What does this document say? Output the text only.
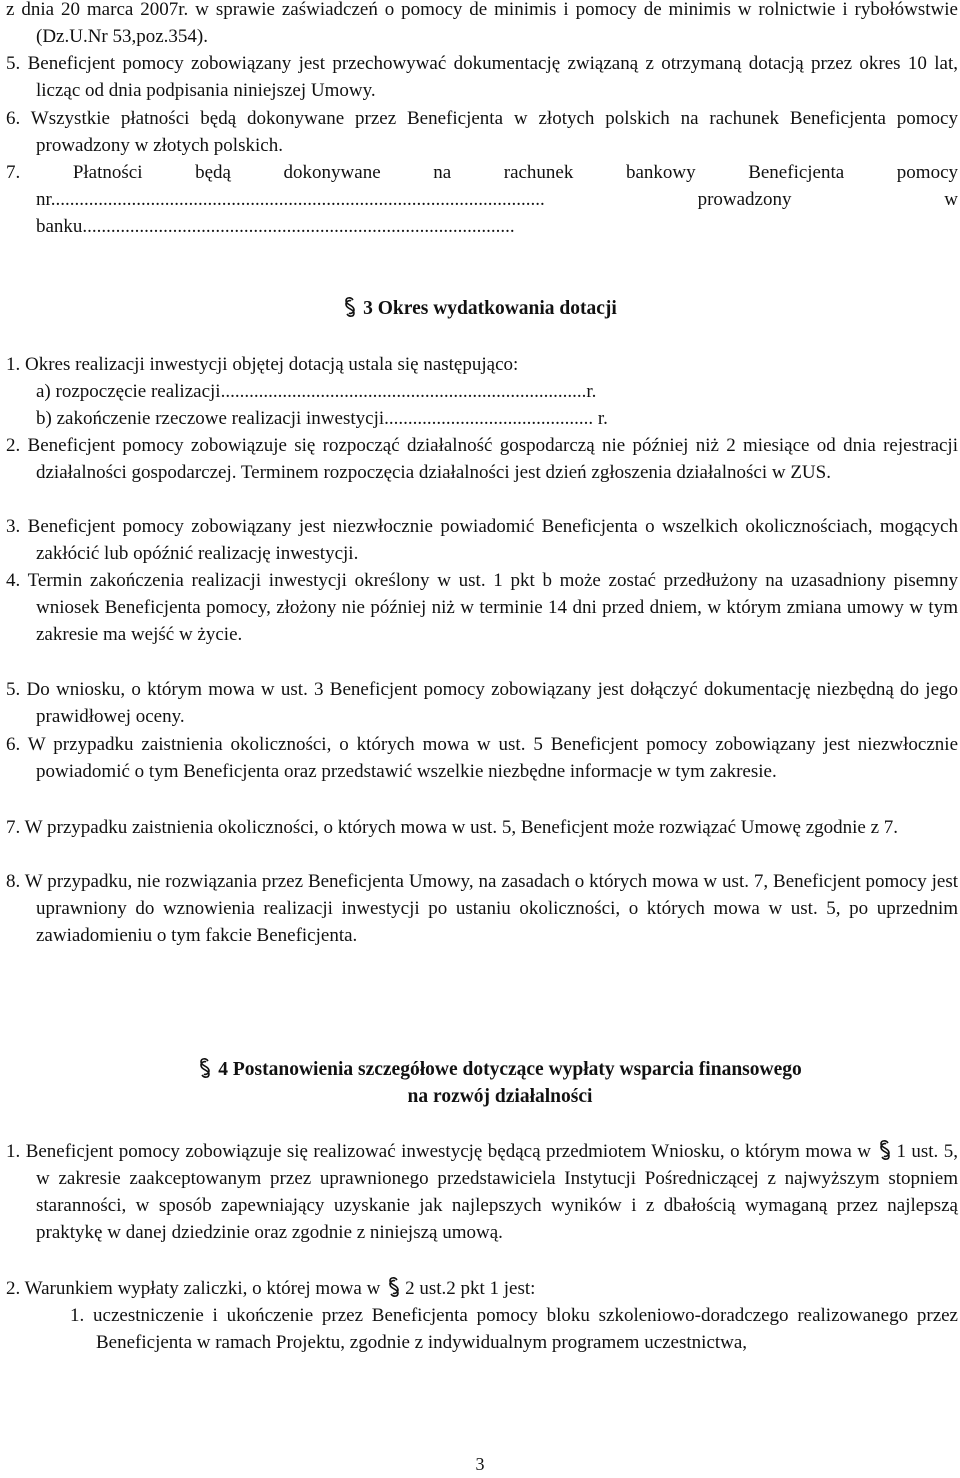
z dnia 20 marca 2007r. w sprawie zaświadczeń o pomocy de minimis i pomocy de minimis w rolnictwie i rybołówstwie (Dz.U.Nr 53,poz.354).

5. Beneficjent pomocy zobowiązany jest przechowywać dokumentację związaną z otrzymaną dotacją przez okres 10 lat, licząc od dnia podpisania niniejszej Umowy.

6. Wszystkie płatności będą dokonywane przez Beneficjenta w złotych polskich na rachunek Beneficjenta pomocy prowadzony w złotych polskich.

7. Płatności będą dokonywane na rachunek bankowy Beneficjenta pomocy nr........................................................................................................ prowadzony w banku...........................................................................................

3 Okres wydatkowania dotacji

1. Okres realizacji inwestycji objętej dotacją ustala się następująco:

a) rozpoczęcie realizacji.............................................................................r.

b) zakończenie rzeczowe realizacji inwestycji............................................ r.

2. Beneficjent pomocy zobowiązuje się rozpocząć działalność gospodarczą nie później niż 2 miesiące od dnia rejestracji działalności gospodarczej. Terminem rozpoczęcia działalności jest dzień zgłoszenia działalności w ZUS.

3. Beneficjent pomocy zobowiązany jest niezwłocznie powiadomić Beneficjenta o wszelkich okolicznościach, mogących zakłócić lub opóźnić realizację inwestycji.

4. Termin zakończenia realizacji inwestycji określony w ust. 1 pkt b może zostać przedłużony na uzasadniony pisemny wniosek Beneficjenta pomocy, złożony nie później niż w terminie 14 dni przed dniem, w którym zmiana umowy w tym zakresie ma wejść w życie.

5. Do wniosku, o którym mowa w ust. 3 Beneficjent pomocy zobowiązany jest dołączyć dokumentację niezbędną do jego prawidłowej oceny.

6. W przypadku zaistnienia okoliczności, o których mowa w ust. 5 Beneficjent pomocy zobowiązany jest niezwłocznie powiadomić o tym Beneficjenta oraz przedstawić wszelkie niezbędne informacje w tym zakresie.

7. W przypadku zaistnienia okoliczności, o których mowa w ust. 5, Beneficjent może rozwiązać Umowę zgodnie z 7.

8. W przypadku, nie rozwiązania przez Beneficjenta Umowy, na zasadach o których mowa w ust. 7, Beneficjent pomocy jest uprawniony do wznowienia realizacji inwestycji po ustaniu okoliczności, o których mowa w ust. 5, po uprzednim zawiadomieniu o tym fakcie Beneficjenta.

4 Postanowienia szczegółowe dotyczące wypłaty wsparcia finansowego
na rozwój działalności

1. Beneficjent pomocy zobowiązuje się realizować inwestycję będącą przedmiotem Wniosku, o którym mowa w 1 ust. 5, w zakresie zaakceptowanym przez uprawnionego przedstawiciela Instytucji Pośredniczącej z najwyższym stopniem staranności, w sposób zapewniający uzyskanie jak najlepszych wyników i z dbałością wymaganą przez najlepszą praktykę w danej dziedzinie oraz zgodnie z niniejszą umową.

2. Warunkiem wypłaty zaliczki, o której mowa w 2 ust.2 pkt 1 jest:

1. uczestniczenie i ukończenie przez Beneficjenta pomocy bloku szkoleniowo-doradczego realizowanego przez Beneficjenta w ramach Projektu, zgodnie z indywidualnym programem uczestnictwa,

3
